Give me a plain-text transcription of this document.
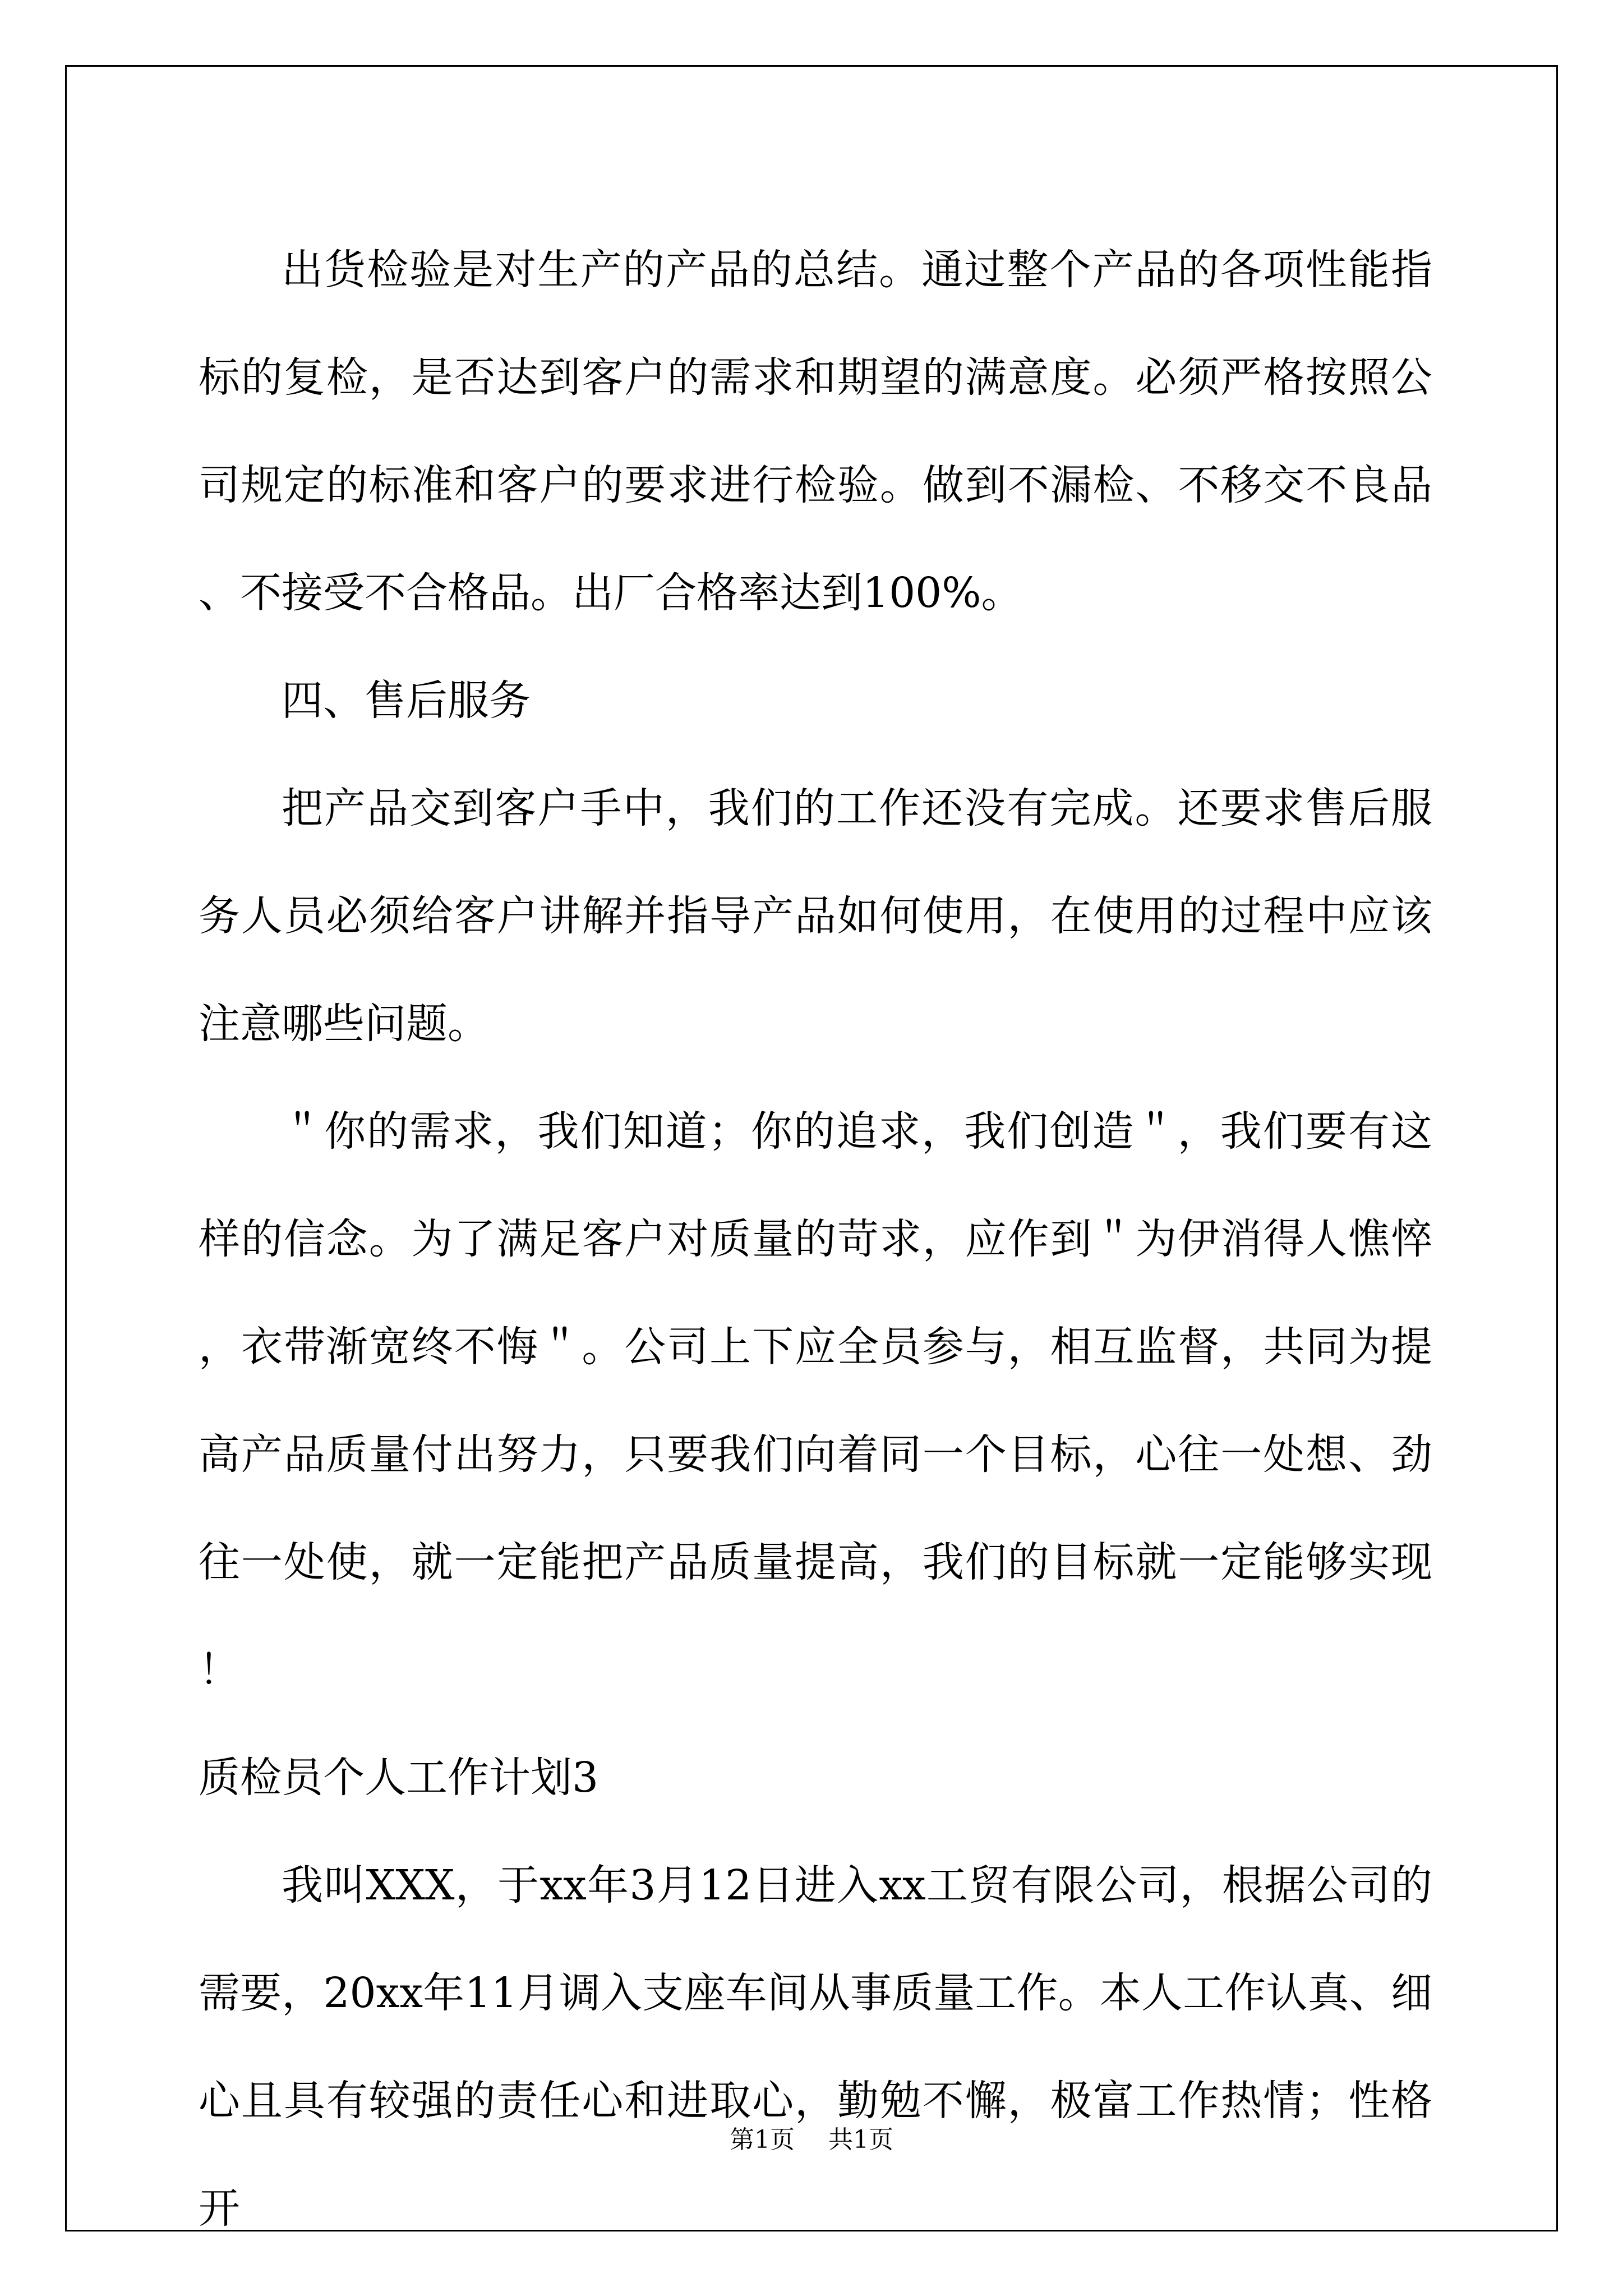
出货检验是对生产的产品的总结。通过整个产品的各项性能指标的复检，是否达到客户的需求和期望的满意度。必须严格按照公司规定的标准和客户的要求进行检验。做到不漏检、不移交不良品、不接受不合格品。出厂合格率达到100%。

四、售后服务

把产品交到客户手中，我们的工作还没有完成。还要求售后服务人员必须给客户讲解并指导产品如何使用，在使用的过程中应该注意哪些问题。

＂你的需求，我们知道；你的追求，我们创造＂，我们要有这样的信念。为了满足客户对质量的苛求，应作到＂为伊消得人憔悴，衣带渐宽终不悔＂。公司上下应全员参与，相互监督，共同为提高产品质量付出努力，只要我们向着同一个目标，心往一处想、劲往一处使，就一定能把产品质量提高，我们的目标就一定能够实现！

质检员个人工作计划3

我叫XXX，于xx年3月12日进入xx工贸有限公司，根据公司的需要，20xx年11月调入支座车间从事质量工作。本人工作认真、细心且具有较强的责任心和进取心，勤勉不懈，极富工作热情；性格开

第1页 共1页
